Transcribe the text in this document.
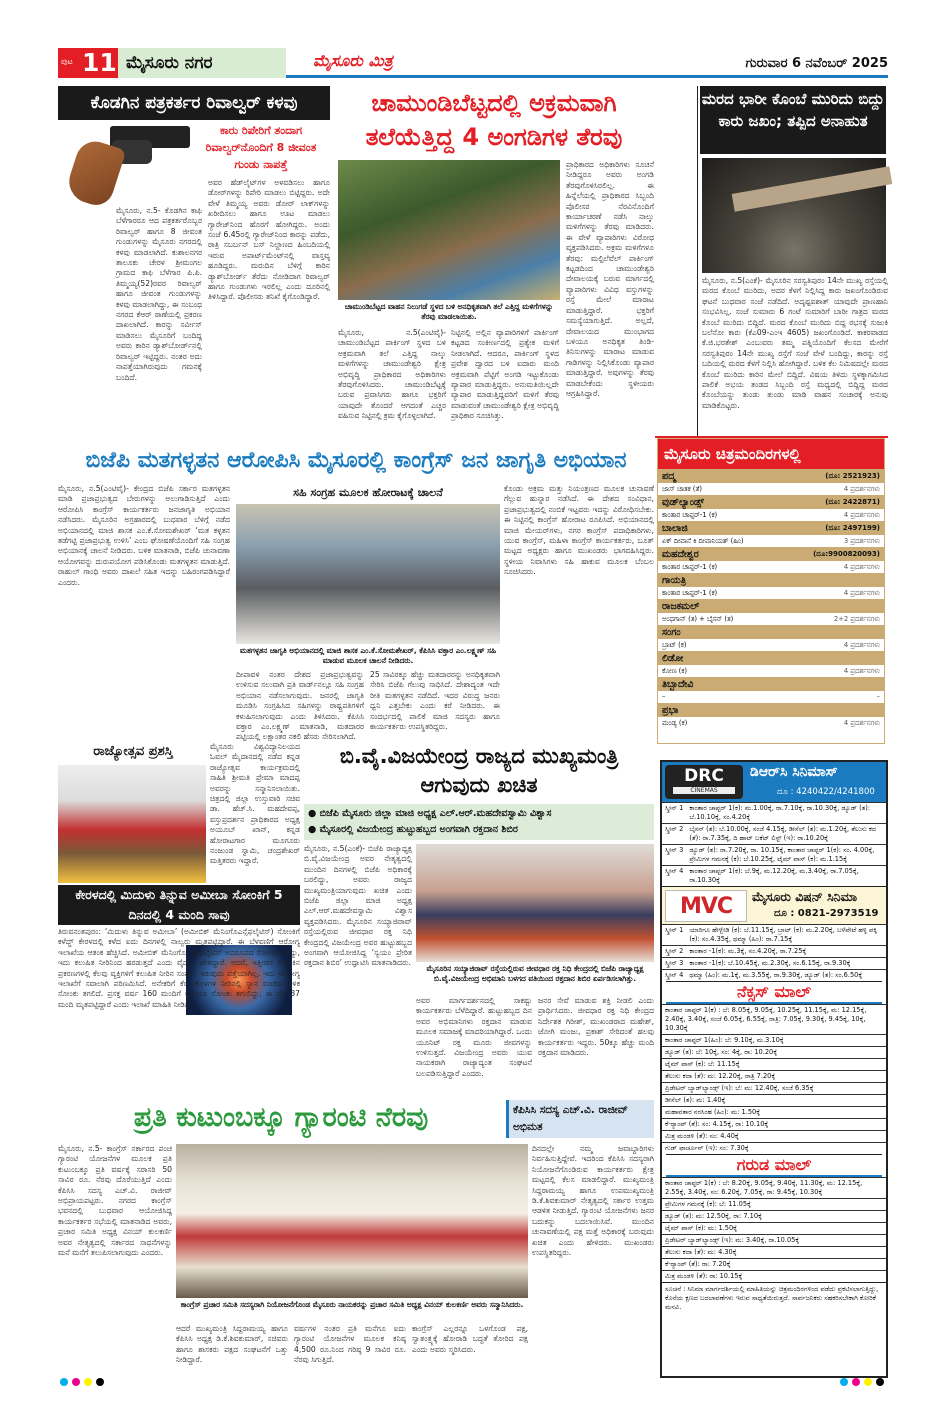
ಪುಟ 11 ಮೈಸೂರು ನಗರ	ಮೈಸೂರು ಮಿತ್ರ	ಗುರುವಾರ 6 ನವೆಂಬರ್ 2025
ಕೊಡಗಿನ ಪತ್ರಕರ್ತರ ರಿವಾಲ್ವರ್ ಕಳವು
ಕಾರು ರಿಪೇರಿಗೆ ತಂದಾಗ ರಿವಾಲ್ವರ್‌ನೊಂದಿಗೆ 8 ಜೀವಂತ ಗುಂಡು ನಾಪತ್ತೆ
ಮೈಸೂರು, ನ.5- ಕೊಡಗಿನ ಕಾಫಿ ಬೆಳೆಗಾರರೂ ಆದ ಪತ್ರಕರ್ತರೊಬ್ಬರ ರಿವಾಲ್ವರ್ ಹಾಗೂ 8 ಜೀವಂತ ಗುಂಡುಗಳನ್ನು ಮೈಸೂರು ನಗರದಲ್ಲಿ ಕಳವು ಮಾಡಲಾಗಿದೆ. ಕುಶಾಲನಗರ ತಾಲೂಕು ಚೇರಳ ಶ್ರೀಮಂಗಲ ಗ್ರಾಮದ ಕಾಫಿ ಬೆಳೆಗಾರ ಪಿ.ಪಿ. ತಿಮ್ಮಯ್ಯ(52)ರವರ ರಿವಾಲ್ವರ್ ಹಾಗೂ ಜೀವಂತ ಗುಂಡುಗಳನ್ನು ಕಳವು ಮಾಡಲಾಗಿದ್ದು, ಈ ಸಂಬಂಧ ನಗರದ ಕೆಆರ್ ಠಾಣೆಯಲ್ಲಿ ಪ್ರಕರಣ ದಾಖಲಾಗಿದೆ. ಕಾರನ್ನು ಸರ್ವೀಸ್ ಮಾಡಿಸಲು ಮೈಸೂರಿಗೆ ಬಂದಿದ್ದ ಅವರು ಕಾರಿನ ಡ್ಯಾಶ್‌ಬೋರ್ಡ್‌ನಲ್ಲಿ ರಿವಾಲ್ವರ್ ಇಟ್ಟಿದ್ದರು. ನಂತರ ಅದು ನಾಪತ್ತೆಯಾಗಿರುವುದು ಗಮನಕ್ಕೆ ಬಂದಿದೆ.
ಅವರ ಹೆಡ್‌ಲೈಟ್‌ಗಳ ಅಳವಡಿಸಲು ಹಾಗೂ ಡೋರ್‌ಗಳನ್ನು ರಿಪೇರಿ ಮಾಡಲು ಬಿಟ್ಟಿದ್ದರು. ಅದೇ ವೇಳೆ ತಿಮ್ಮಯ್ಯ ಅವರು ಡೋರ್ ಲಾಕ್‌ಗಳನ್ನು ಖರೀದಿಸಲು ಹಾಗೂ ಊಟ ಮಾಡಲು ಗ್ಯಾರೇಜ್‌ನಿಂದ ಹೊರಗೆ ಹೋಗಿದ್ದರು. ಅಂದು ಸಂಜೆ 6.45ರಲ್ಲಿ ಗ್ಯಾರೇಜ್‌ನಿಂದ ಕಾರನ್ನು ಪಡೆದು, ರಾತ್ರಿ ಸಬರ್ಬನ್ ಬಸ್ ನಿಲ್ದಾಣದ ಹಿಂಬದಿಯಲ್ಲಿ ಇರುವ ಅಪಾರ್ಟ್‌ಮೆಂಟ್‌ನಲ್ಲಿ ವಾಸ್ತವ್ಯ ಹೂಡಿದ್ದರು. ಮರುದಿನ ಬೆಳಿಗ್ಗೆ ಕಾರಿನ ಡ್ಯಾಶ್‌ಬೋರ್ಡ್ ತೆರೆದು ನೋಡಿದಾಗ ರಿವಾಲ್ವರ್ ಹಾಗೂ ಗುಂಡುಗಳು ಇರಲಿಲ್ಲ ಎಂದು ದೂರಿನಲ್ಲಿ ತಿಳಿಸಿದ್ದಾರೆ. ಪೊಲೀಸರು ತನಿಖೆ ಕೈಗೊಂಡಿದ್ದಾರೆ.
ಚಾಮುಂಡಿಬೆಟ್ಟದಲ್ಲಿ ಅಕ್ರಮವಾಗಿ ತಲೆಯೆತ್ತಿದ್ದ 4 ಅಂಗಡಿಗಳ ತೆರವು
ಚಾಮುಂಡಿಬೆಟ್ಟದ ವಾಹನ ನಿಲುಗಡೆ ಸ್ಥಳದ ಬಳಿ ಅನಧಿಕೃತವಾಗಿ ತಲೆ ಎತ್ತಿದ್ದ ಮಳಿಗೆಗಳನ್ನು ತೆರವು ಮಾಡಲಾಯಿತು.
ಮೈಸೂರು, ನ.5(ಎಂಟಿವೈ)- ಚಾಮುಂಡಿಬೆಟ್ಟದ ಪಾರ್ಕಿಂಗ್ ಸ್ಥಳದ ಬಳಿ ಅಕ್ರಮವಾಗಿ ತಲೆ ಎತ್ತಿದ್ದ ನಾಲ್ಕು ಮಳಿಗೆಗಳನ್ನು ಚಾಮುಂಡೇಶ್ವರಿ ಕ್ಷೇತ್ರ ಅಭಿವೃದ್ಧಿ ಪ್ರಾಧಿಕಾರದ ಅಧಿಕಾರಿಗಳು ತೆರವುಗೊಳಿಸಿದರು. ಚಾಮುಂಡಿಬೆಟ್ಟಕ್ಕೆ ಬರುವ ಪ್ರವಾಸಿಗರು ಹಾಗೂ ಭಕ್ತರಿಗೆ ಯಾವುದೇ ತೊಂದರೆ ಆಗದಂತೆ ಎಚ್ಚರ ವಹಿಸುವ ನಿಟ್ಟಿನಲ್ಲಿ ಕ್ರಮ ಕೈಗೊಳ್ಳಲಾಗಿದೆ.
ನಿಟ್ಟಿನಲ್ಲಿ ಅಲ್ಲಿನ ವ್ಯಾಪಾರಿಗಳಿಗೆ ಪಾರ್ಕಿಂಗ್ ಕಟ್ಟಡದ ಸಂಕೀರ್ಣದಲ್ಲಿ ಪ್ರತ್ಯೇಕ ಮಳಿಗೆ ನೀಡಲಾಗಿದೆ. ಆದರೂ, ಪಾರ್ಕಿಂಗ್ ಸ್ಥಳದ ಪ್ರವೇಶ ದ್ವಾರದ ಬಳಿ ಐದಾರು ಮಂದಿ ಅಕ್ರಮವಾಗಿ ಪೆಟ್ಟಿಗೆ ಅಂಗಡಿ ಇಟ್ಟುಕೊಂಡು ವ್ಯಾಪಾರ ಮಾಡುತ್ತಿದ್ದರು. ಅನುಮತಿಯಿಲ್ಲದೇ ವ್ಯಾಪಾರ ಮಾಡುತ್ತಿದ್ದವರಿಗೆ ಮಳಿಗೆ ತೆರವು ಮಾಡುವಂತೆ ಚಾಮುಂಡೇಶ್ವರಿ ಕ್ಷೇತ್ರ ಅಭಿವೃದ್ಧಿ ಪ್ರಾಧಿಕಾರ ಸೂಚಿಸಿತ್ತು.
ಪ್ರಾಧಿಕಾರದ ಅಧಿಕಾರಿಗಳು ಸೂಚನೆ ನೀಡಿದ್ದರೂ ಅವರು ಅಂಗಡಿ ತೆರವುಗೊಳಿಸಿರಲಿಲ್ಲ. ಈ ಹಿನ್ನೆಲೆಯಲ್ಲಿ ಪ್ರಾಧಿಕಾರದ ಸಿಬ್ಬಂದಿ ಪೊಲೀಸರ ನೆರವಿನೊಂದಿಗೆ ಕಾರ್ಯಾಚರಣೆ ನಡೆಸಿ ನಾಲ್ಕು ಮಳಿಗೆಗಳನ್ನು ತೆರವು ಮಾಡಿದರು. ಈ ವೇಳೆ ವ್ಯಾಪಾರಿಗಳು ವಿರೋಧ ವ್ಯಕ್ತಪಡಿಸಿದರು. ಅಕ್ರಮ ಮಳಿಗೆಗಳೂ ತೆರವು: ಮಲ್ಟಿಲೆವೆಲ್ ಪಾರ್ಕಿಂಗ್ ಕಟ್ಟಡದಿಂದ ಚಾಮುಂಡೇಶ್ವರಿ ದೇವಾಲಯಕ್ಕೆ ಬರುವ ಮಾರ್ಗದಲ್ಲಿ ವ್ಯಾಪಾರಿಗಳು ವಿವಿಧ ವಸ್ತುಗಳನ್ನು ರಸ್ತೆ ಮೇಲೆ ಮಾರಾಟ ಮಾಡುತ್ತಿದ್ದಾರೆ. ಭಕ್ತರಿಗೆ ಸಮಸ್ಯೆಯಾಗುತ್ತಿದೆ. ಅಲ್ಲದೆ, ದೇವಾಲಯದ ಮುಂಭಾಗದ ಬಳಿಯೂ ಅನಧಿಕೃತ ತಿಂಡಿ-ತಿನಿಸುಗಳನ್ನು ಮಾರಾಟ ಮಾಡುವ ಗಾಡಿಗಳನ್ನು ನಿಲ್ಲಿಸಿಕೊಂಡು ವ್ಯಾಪಾರ ಮಾಡುತ್ತಿದ್ದಾರೆ. ಅವುಗಳನ್ನು ತೆರವು ಮಾಡಬೇಕೆಂದು ಸ್ಥಳೀಯರು ಆಗ್ರಹಿಸಿದ್ದಾರೆ.
ಮರದ ಭಾರೀ ಕೊಂಬೆ ಮುರಿದು ಬಿದ್ದು ಕಾರು ಜಖಂ; ತಪ್ಪಿದ ಅನಾಹುತ
ಮೈಸೂರು, ನ.5(ಎಂಕೆ)- ಮೈಸೂರಿನ ಸರಸ್ವತಿಪುರಂ 14ನೇ ಮುಖ್ಯ ರಸ್ತೆಯಲ್ಲಿ ಮರದ ಕೊಂಬೆ ಮುರಿದು, ಅದರ ಕೆಳಗೆ ನಿಲ್ಲಿಸಿದ್ದ ಕಾರು ಜಖಂಗೊಂಡಿರುವ ಘಟನೆ ಬುಧವಾರ ಸಂಜೆ ನಡೆದಿದೆ. ಅದೃಷ್ಟವಶಾತ್ ಯಾವುದೇ ಪ್ರಾಣಹಾನಿ ಸಂಭವಿಸಿಲ್ಲ. ಸಂಜೆ ಸುಮಾರು 6 ಗಂಟೆ ಸುಮಾರಿಗೆ ಬಾರೀ ಗಾತ್ರದ ಮರದ ಕೊಂಬೆ ಮುರಿದು ಬಿದ್ದಿದೆ. ಮರದ ಕೊಂಬೆ ಮುರಿದು ಬಿದ್ದ ರಭಸಕ್ಕೆ ಸುಜುಕಿ ಬಲೆನೋ ಕಾರು (ಕೆಎ09-ಎಂಇ 4605) ಜಖಂಗೊಂಡಿದೆ. ಕಾಕರವಾಡದ ಕೆ.ಜಿ.ಭರತೇಶ್ ಎಂಬುವರು ತಮ್ಮ ಪತ್ನಿಯೊಂದಿಗೆ ಕೆಲಸದ ಮೇರೆಗೆ ಸರಸ್ವತಿಪುರಂ 14ನೇ ಮುಖ್ಯ ರಸ್ತೆಗೆ ಸಂಜೆ ವೇಳೆ ಬಂದಿದ್ದು, ಕಾರನ್ನು ರಸ್ತೆ ಬದಿಯಲ್ಲಿ ಮರದ ಕೆಳಗೆ ನಿಲ್ಲಿಸಿ ಹೋಗಿದ್ದಾರೆ. ಬಳಿಕ ಕೆಲ ನಿಮಿಷದಲ್ಲೇ ಮರದ ಕೊಂಬೆ ಮುರಿದು ಕಾರಿನ ಮೇಲೆ ಬಿದ್ದಿದೆ. ವಿಷಯ ತಿಳಿದು ಸ್ಥಳಕ್ಕಾಗಮಿಸಿದ ಪಾಲಿಕೆ ಅಭಯ ತಂಡದ ಸಿಬ್ಬಂದಿ ರಸ್ತೆ ಮಧ್ಯದಲ್ಲಿ ಬಿದ್ದಿದ್ದ ಮರದ ಕೊಂಬೆಯನ್ನು ತುಂಡು ತುಂಡು ಮಾಡಿ ವಾಹನ ಸಂಚಾರಕ್ಕೆ ಅನುವು ಮಾಡಿಕೊಟ್ಟರು.
ಬಿಜೆಪಿ ಮತಗಳ್ಳತನ ಆರೋಪಿಸಿ ಮೈಸೂರಲ್ಲಿ ಕಾಂಗ್ರೆಸ್ ಜನ ಜಾಗೃತಿ ಅಭಿಯಾನ
ಮೈಸೂರು, ನ.5(ಎಂಟಿವೈ)- ಕೇಂದ್ರದ ಬಿಜೆಪಿ ಸರ್ಕಾರ ಮತಗಳ್ಳತನ ಮಾಡಿ ಪ್ರಜಾಪ್ರಭುತ್ವದ ಬೇರುಗಳನ್ನು ಅಲುಗಾಡಿಸುತ್ತಿದೆ ಎಂದು ಆರೋಪಿಸಿ ಕಾಂಗ್ರೆಸ್ ಕಾರ್ಯಕರ್ತರು ಜನಜಾಗೃತಿ ಅಭಿಯಾನ ನಡೆಸಿದರು. ಮೈಸೂರಿನ ಅಗ್ರಹಾರದಲ್ಲಿ ಬುಧವಾರ ಬೆಳಿಗ್ಗೆ ನಡೆದ ಅಭಿಯಾನದಲ್ಲಿ ಮಾಜಿ ಶಾಸಕ ಎಂ.ಕೆ.ಸೋಮಶೇಖರ್ ‘ಮತ ಕಳ್ಳತನ ತಡೆಗಟ್ಟಿ ಪ್ರಜಾಪ್ರಭುತ್ವ ಉಳಿಸಿ’ ಎಂಬ ಘೋಷಣೆಯೊಂದಿಗೆ ಸಹಿ ಸಂಗ್ರಹ ಅಭಿಯಾನಕ್ಕೆ ಚಾಲನೆ ನೀಡಿದರು. ಬಳಿಕ ಮಾತನಾಡಿ, ಬಿಜೆಪಿ ಚುನಾವಣಾ ಆಯೋಗವನ್ನು ದುರುಪಯೋಗ ಪಡಿಸಿಕೊಂಡು ಮತಗಳ್ಳತನ ಮಾಡುತ್ತಿದೆ. ರಾಹುಲ್ ಗಾಂಧಿ ಅವರು ದಾಖಲೆ ಸಹಿತ ಇದನ್ನು ಬಹಿರಂಗಪಡಿಸಿದ್ದಾರೆ ಎಂದರು.
ಸಹಿ ಸಂಗ್ರಹ ಮೂಲಕ ಹೋರಾಟಕ್ಕೆ ಚಾಲನೆ
ಮತಗಳ್ಳತನ ಜಾಗೃತಿ ಅಭಿಯಾನದಲ್ಲಿ ಮಾಜಿ ಶಾಸಕ ಎಂ.ಕೆ.ಸೋಮಶೇಖರ್, ಕೆಪಿಸಿಸಿ ವಕ್ತಾರ ಎಂ.ಲಕ್ಷ್ಮಣ್ ಸಹಿ ಮಾಡುವ ಮೂಲಕ ಚಾಲನೆ ನೀಡಿದರು.
ದೀಪಾವಳಿ ನಂತರ ದೇಶದ ಪ್ರಜಾಪ್ರಭುತ್ವವನ್ನು ಉಳಿಸುವ ಸಲುವಾಗಿ ಪ್ರತಿ ವಾರ್ಡ್‌ನಲ್ಲೂ ಸಹಿ ಸಂಗ್ರಹ ಅಭಿಯಾನ ನಡೆಸಲಾಗುವುದು. ಜನರಲ್ಲಿ ಜಾಗೃತಿ ಮೂಡಿಸಿ ಸಂಗ್ರಹಿಸಿದ ಸಹಿಗಳನ್ನು ರಾಷ್ಟ್ರಪತಿಗಳಿಗೆ ಕಳುಹಿಸಲಾಗುವುದು ಎಂದು ತಿಳಿಸಿದರು. ಕೆಪಿಸಿಸಿ ವಕ್ತಾರ ಎಂ.ಲಕ್ಷ್ಮಣ್ ಮಾತನಾಡಿ, ಮತದಾರರ ಪಟ್ಟಿಯಲ್ಲಿ ಲಕ್ಷಾಂತರ ನಕಲಿ ಹೆಸರು ಸೇರಿಸಲಾಗಿದೆ.
25 ಸಾವಿರಕ್ಕೂ ಹೆಚ್ಚು ಮತದಾರರನ್ನು ಅನಧಿಕೃತವಾಗಿ ಸೇರಿಸಿ ಬಿಜೆಪಿ ಗೆಲುವು ಸಾಧಿಸಿದೆ. ದೇಶಾದ್ಯಂತ ಇದೇ ರೀತಿ ಮತಗಳ್ಳತನ ನಡೆದಿದೆ. ಇದರ ವಿರುದ್ಧ ಜನರು ಧ್ವನಿ ಎತ್ತಬೇಕು ಎಂದು ಕರೆ ನೀಡಿದರು. ಈ ಸಂದರ್ಭದಲ್ಲಿ ಪಾಲಿಕೆ ಮಾಜಿ ಸದಸ್ಯರು ಹಾಗೂ ಕಾರ್ಯಕರ್ತರು ಉಪಸ್ಥಿತರಿದ್ದರು.
ಕೊಂಡು ಅಕ್ರಮ ಮತ್ತು ನಿಯಂತ್ರಣದ ಮೂಲಕ ಚುನಾವಣೆ ಗೆಲ್ಲುವ ಹುನ್ನಾರ ನಡೆಸಿದೆ. ಈ ದೇಶದ ಸಂವಿಧಾನ, ಪ್ರಜಾಪ್ರಭುತ್ವದಲ್ಲಿ ನಂಬಿಕೆ ಇಟ್ಟವರು ಇದನ್ನು ವಿರೋಧಿಸಬೇಕು. ಈ ನಿಟ್ಟಿನಲ್ಲಿ ಕಾಂಗ್ರೆಸ್ ಹೋರಾಟ ರೂಪಿಸಿದೆ. ಅಭಿಯಾನದಲ್ಲಿ ಮಾಜಿ ಮೇಯರ್‌ಗಳು, ನಗರ ಕಾಂಗ್ರೆಸ್ ಪದಾಧಿಕಾರಿಗಳು, ಯುವ ಕಾಂಗ್ರೆಸ್, ಮಹಿಳಾ ಕಾಂಗ್ರೆಸ್ ಕಾರ್ಯಕರ್ತರು, ಬೂತ್ ಮಟ್ಟದ ಅಧ್ಯಕ್ಷರು ಹಾಗೂ ಮುಖಂಡರು ಭಾಗವಹಿಸಿದ್ದರು. ಸ್ಥಳೀಯ ನಿವಾಸಿಗಳು ಸಹಿ ಹಾಕುವ ಮೂಲಕ ಬೆಂಬಲ ಸೂಚಿಸಿದರು.
ಮೈಸೂರು ಚಿತ್ರಮಂದಿರಗಳಲ್ಲಿ
ಪದ್ಮ	(ದೂ: 2521923)
ಜಾಸ್ ಚಾತಕ (ತೆ)	4 ಪ್ರದರ್ಶನಗಳು
ವುಡ್‌ಲ್ಯಾಂಡ್ಸ್	(ದೂ: 2422871)
ಕಾಂತಾರ ಚಾಪ್ಟರ್-1 (ಕ)	4 ಪ್ರದರ್ಶನಗಳು
ಬಾಲಾಜಿ	(ದೂ: 2497199)
ಏಕ್ ದೀವಾನೆ ಕಿ ದೀವಾನಿಯತ್ (ಹಿಂ)	3 ಪ್ರದರ್ಶನಗಳು
ಮಹದೇಶ್ವರ	(ದೂ:9900820093)
ಕಾಂತಾರ ಚಾಪ್ಟರ್-1 (ಕ)	4 ಪ್ರದರ್ಶನಗಳು
ಗಾಯತ್ರಿ	
ಕಾಂತಾರ ಚಾಪ್ಟರ್-1 (ಕ)	4 ಪ್ರದರ್ಶನಗಳು
ರಾಜಕಮಲ್	
ಅಂಧಗಾನ್ (ತ) + ಬೈಸನ್ (ತ)	2+2 ಪ್ರದರ್ಶನಗಳು
ಸಂಗಂ	
ಬ್ರಾಟ್ (ಕ)	4 ಪ್ರದರ್ಶನಗಳು
ಲಿಡೋ	
ಕೋಣ (ಕ)	4 ಪ್ರದರ್ಶನಗಳು
ತಿಬ್ಬಾದೇವಿ	
–	–
ಪ್ರಭಾ	
ಮಂಡ್ಯ (ಕ)	4 ಪ್ರದರ್ಶನಗಳು
ರಾಜ್ಯೋತ್ಸವ ಪ್ರಶಸ್ತಿ	ಮೈಸೂರು ವಿಶ್ವವಿದ್ಯಾನಿಲಯದ ಓವಲ್ ಮೈದಾನದಲ್ಲಿ ನಡೆದ ಕನ್ನಡ ರಾಜ್ಯೋತ್ಸವ ಕಾರ್ಯಕ್ರಮದಲ್ಲಿ ಸಾಹಿತಿ ಶ್ರೀಮತಿ ಪ್ರೇಮಾ ಮಾದಪ್ಪ ಅವರನ್ನು ಸನ್ಮಾನಿಸಲಾಯಿತು. ಚಿತ್ರದಲ್ಲಿ ಜಿಲ್ಲಾ ಉಸ್ತುವಾರಿ ಸಚಿವ ಡಾ. ಹೆಚ್.ಸಿ. ಮಹದೇವಪ್ಪ, ವಸ್ತುಪ್ರದರ್ಶನ ಪ್ರಾಧಿಕಾರದ ಅಧ್ಯಕ್ಷ ಅಯೂಬ್ ಖಾನ್, ಕನ್ನಡ ಹೋರಾಟಗಾರ ಮೂಗೂರು ನಂಜುಂಡ ಸ್ವಾಮಿ, ಚಂದ್ರಶೇಖರ್ ಮತ್ತಿತರರು ಇದ್ದಾರೆ.
ಕೇರಳದಲ್ಲಿ ಮಿದುಳು ತಿನ್ನುವ ಅಮೀಬಾ ಸೋಂಕಿಗೆ 5 ದಿನದಲ್ಲಿ 4 ಮಂದಿ ಸಾವು
ತಿರುವನಂತಪುರಂ: ‘ಮಿದುಳು ತಿನ್ನುವ ಅಮೀಬಾ’ (ಅಮೀಬಿಕ್ ಮೆನಿಂಗೊಎನ್ಸೆಫಲೈಟಿಸ್) ಸೋಂಕಿಗೆ ಕಳೆದ್ಜ್ ಕೇರಳದಲ್ಲಿ ಕಳೆದ ಐದು ದಿನಗಳಲ್ಲಿ ನಾಲ್ವರು ಮೃತಪಟ್ಟಿದ್ದಾರೆ. ಈ ಬೆಳವಣಿಗೆ ಆರೋಗ್ಯ ಇಲಾಖೆಯ ಆತಂಕ ಹೆಚ್ಚಿಸಿದೆ. ಅಮೀಬಿಕ್ ಮೆನಿಂಗೊ ಎನ್ಸೆಫಲೈಟಿಸ್ ಅಪರೂಪದ ಸೋಂಕು ಆಗಿದ್ದು, ಇದು ಕಲುಷಿತ ನೀರಿನಿಂದ ಹರಡುತ್ತದೆ ಎಂದು ವೈದ್ಯರು ಹೇಳಿದ್ದಾರೆ. ಆದರೆ, ಇತ್ತೀಚಿನ ಸೋಂಕಿನ ಪ್ರಕರಣಗಳಲ್ಲಿ ಕೆಲವು ವ್ಯಕ್ತಿಗಳಿಗೆ ಕಲುಷಿತ ನೀರಿನ ಸಂಪರ್ಕ ಇರುವುದು ಪತ್ತೆಯಾಗಿಲ್ಲ. ಇದು ಆರೋಗ್ಯ ಇಲಾಖೆಗೆ ಸವಾಲಾಗಿ ಪರಿಣಮಿಸಿದೆ. ಅನೇಕರಿಗೆ ಕೆರೆ, ಕೊಳಗಳ ನೀರಿನಲ್ಲಿ ಸ್ನಾನ ಮಾಡಿದ ಬಳಿಕ ಸೋಂಕು ತಗಲಿದೆ. ಪ್ರಸಕ್ತ ವರ್ಷ 160 ಮಂದಿಗೆ ಅಮೀಬಾ ಸೋಂಕು ತಗುಲಿದ್ದು, ಈ ಪೈಕಿ 37 ಮಂದಿ ಮೃತಪಟ್ಟಿದ್ದಾರೆ ಎಂದು ಇಲಾಖೆ ಮಾಹಿತಿ ನೀಡಿದೆ.
ಬಿ.ವೈ.ವಿಜಯೇಂದ್ರ ರಾಜ್ಯದ ಮುಖ್ಯಮಂತ್ರಿ ಆಗುವುದು ಖಚಿತ
● ಬಿಜೆಪಿ ಮೈಸೂರು ಜಿಲ್ಲಾ ಮಾಜಿ ಅಧ್ಯಕ್ಷ ಎಲ್.ಆರ್.ಮಹದೇವಸ್ವಾಮಿ ವಿಶ್ವಾಸ
● ಮೈಸೂರಲ್ಲಿ ವಿಜಯೇಂದ್ರ ಹುಟ್ಟುಹಬ್ಬದ ಅಂಗವಾಗಿ ರಕ್ತದಾನ ಶಿಬಿರ
ಮೈಸೂರು, ನ.5(ಎಂಕೆ)- ಬಿಜೆಪಿ ರಾಜ್ಯಾಧ್ಯಕ್ಷ ಬಿ.ವೈ.ವಿಜಯೇಂದ್ರ ಅವರ ನೇತೃತ್ವದಲ್ಲಿ ಮುಂದಿನ ದಿನಗಳಲ್ಲಿ ಬಿಜೆಪಿ ಅಧಿಕಾರಕ್ಕೆ ಬರಲಿದ್ದು, ಅವರು ರಾಜ್ಯದ ಮುಖ್ಯಮಂತ್ರಿಯಾಗುವುದು ಖಚಿತ ಎಂದು ಬಿಜೆಪಿ ಜಿಲ್ಲಾ ಮಾಜಿ ಅಧ್ಯಕ್ಷ ಎಲ್.ಆರ್.ಮಹದೇವಸ್ವಾಮಿ ವಿಶ್ವಾಸ ವ್ಯಕ್ತಪಡಿಸಿದರು. ಮೈಸೂರಿನ ಸಯ್ಯಾಜಿರಾವ್ ರಸ್ತೆಯಲ್ಲಿರುವ ಜೀವಧಾರ ರಕ್ತ ನಿಧಿ ಕೇಂದ್ರದಲ್ಲಿ ವಿಜಯೇಂದ್ರ ಅವರ ಹುಟ್ಟುಹಬ್ಬದ ಅಂಗವಾಗಿ ಆಯೋಜಿಸಿದ್ದ ‘ಸ್ವಯಂ ಪ್ರೇರಿತ ರಕ್ತದಾನ ಶಿಬಿರ’ ಉದ್ಘಾಟಿಸಿ ಮಾತನಾಡಿದರು.
ಮೈಸೂರಿನ ಸಯ್ಯಾಜಿರಾವ್ ರಸ್ತೆಯಲ್ಲಿರುವ ಜೀವಧಾರ ರಕ್ತ ನಿಧಿ ಕೇಂದ್ರದಲ್ಲಿ ಬಿಜೆಪಿ ರಾಜ್ಯಾಧ್ಯಕ್ಷ ಬಿ.ವೈ.ವಿಜಯೇಂದ್ರ ಅಭಿಮಾನಿ ಬಳಗದ ವತಿಯಿಂದ ರಕ್ತದಾನ ಶಿಬಿರ ಏರ್ಪಡಿಸಲಾಗಿತ್ತು.
ಅವರ ಮಾರ್ಗದರ್ಶನದಲ್ಲಿ ಸಾಕಷ್ಟು ಕಾರ್ಯಕರ್ತರು ಬೆಳೆದಿದ್ದಾರೆ. ಹುಟ್ಟುಹಬ್ಬದ ದಿನ ಅವರ ಅಭಿಮಾನಿಗಳು ರಕ್ತದಾನ ಮಾಡುವ ಮೂಲಕ ಸಮಾಜಕ್ಕೆ ಮಾದರಿಯಾಗಿದ್ದಾರೆ. ಒಂದು ಯೂನಿಟ್ ರಕ್ತ ಮೂರು ಜೀವಗಳನ್ನು ಉಳಿಸುತ್ತದೆ. ವಿಜಯೇಂದ್ರ ಅವರು ಯುವ ನಾಯಕರಾಗಿ ರಾಜ್ಯಾದ್ಯಂತ ಸಂಘಟನೆ ಬಲಪಡಿಸುತ್ತಿದ್ದಾರೆ ಎಂದರು.
ಜನರ ಸೇವೆ ಮಾಡುವ ಶಕ್ತಿ ನೀಡಲಿ ಎಂದು ಪ್ರಾರ್ಥಿಸಿದರು. ಜೀವಧಾರ ರಕ್ತ ನಿಧಿ ಕೇಂದ್ರದ ನಿರ್ದೇಶಕ ಗಿರೀಶ್, ಮುಖಂಡರಾದ ಮಹೇಶ್, ಜೋಗಿ ಮಂಜು, ಪ್ರಕಾಶ್ ಸೇರಿದಂತೆ ಹಲವು ಕಾರ್ಯಕರ್ತರು ಇದ್ದರು. 50ಕ್ಕೂ ಹೆಚ್ಚು ಮಂದಿ ರಕ್ತದಾನ ಮಾಡಿದರು.
ಪ್ರತಿ ಕುಟುಂಬಕ್ಕೂ ಗ್ಯಾರಂಟಿ ನೆರವು	ಕೆಪಿಸಿಸಿ ಸದಸ್ಯ ಎಚ್.ವಿ. ರಾಜೀವ್ ಅಭಿಮತ
ಮೈಸೂರು, ನ.5- ಕಾಂಗ್ರೆಸ್ ಸರ್ಕಾರದ ಪಂಚ ಗ್ಯಾರಂಟಿ ಯೋಜನೆಗಳ ಮೂಲಕ ಪ್ರತಿ ಕುಟುಂಬಕ್ಕೂ ಪ್ರತಿ ವರ್ಷಕ್ಕೆ ಸರಾಸರಿ 50 ಸಾವಿರ ರೂ. ನೆರವು ದೊರೆಯುತ್ತಿದೆ ಎಂದು ಕೆಪಿಸಿಸಿ ಸದಸ್ಯ ಎಚ್.ವಿ. ರಾಜೀವ್ ಅಭಿಪ್ರಾಯಪಟ್ಟರು. ನಗರದ ಕಾಂಗ್ರೆಸ್ ಭವನದಲ್ಲಿ ಬುಧವಾರ ಆಯೋಜಿಸಿದ್ದ ಕಾರ್ಯಕರ್ತರ ಸಭೆಯಲ್ಲಿ ಮಾತನಾಡಿದ ಅವರು, ಪ್ರಚಾರ ಸಮಿತಿ ಅಧ್ಯಕ್ಷ ವಿನಯ್ ಕುಲಕರ್ಣಿ ಅವರ ನೇತೃತ್ವದಲ್ಲಿ ಸರ್ಕಾರದ ಸಾಧನೆಗಳನ್ನು ಮನೆ ಮನೆಗೆ ತಲುಪಿಸಲಾಗುವುದು ಎಂದರು.
ಕಾಂಗ್ರೆಸ್ ಪ್ರಚಾರ ಸಮಿತಿ ಸದಸ್ಯರಾಗಿ ನಿಯೋಜನೆಗೊಂಡ ಮೈಸೂರು ನಾಯಕರನ್ನು ಪ್ರಚಾರ ಸಮಿತಿ ಅಧ್ಯಕ್ಷ ವಿನಯ್ ಕುಲಕರ್ಣಿ ಅವರು ಸನ್ಮಾನಿಸಿದರು.
ಆದರೆ ಮುಖ್ಯಮಂತ್ರಿ ಸಿದ್ದರಾಮಯ್ಯ ಹಾಗೂ ಕೆಪಿಸಿಸಿ ಅಧ್ಯಕ್ಷ ಡಿ.ಕೆ.ಶಿವಕುಮಾರ್, ಸಚಿವರು ಹಾಗೂ ಶಾಸಕರು ಪಕ್ಷದ ಸಂಘಟನೆಗೆ ಒತ್ತು ನೀಡಿದ್ದಾರೆ.
ವರ್ಷಗಳ ನಂತರ ಪ್ರತಿ ಮನೆಗೂ ಐದು ಗ್ಯಾರಂಟಿ ಯೋಜನೆಗಳ ಮೂಲಕ ಕನಿಷ್ಠ 4,500 ರೂ.ನಿಂದ ಗರಿಷ್ಠ 9 ಸಾವಿರ ರೂ. ನೆರವು ಸಿಗುತ್ತಿದೆ.
ಕಾಂಗ್ರೆಸ್ ಎಲ್ಲರನ್ನೂ ಒಳಗೊಂಡ ಪಕ್ಷ, ಸ್ವಾತಂತ್ರ್ಯಕ್ಕೆ ಹೋರಾಡಿ ಬದ್ಧತೆ ತೋರಿದ ಪಕ್ಷ ಎಂದು ಅವರು ಸ್ಮರಿಸಿದರು.
ದಿನದಲ್ಲೇ ನಮ್ಮ ಜವಾಬ್ದಾರಿಗಳು ನಿರ್ವಹಿಸುತ್ತಿದ್ದೇವೆ. ಇದರಿಂದ ಕೆಪಿಸಿಸಿ ಸದಸ್ಯರಾಗಿ ನಿಯೋಜನೆಗೊಂಡಿರುವ ಕಾರ್ಯಕರ್ತರು ಕ್ಷೇತ್ರ ಮಟ್ಟದಲ್ಲಿ ಕೆಲಸ ಮಾಡಲಿದ್ದಾರೆ. ಮುಖ್ಯಮಂತ್ರಿ ಸಿದ್ದರಾಮಯ್ಯ ಹಾಗೂ ಉಪಮುಖ್ಯಮಂತ್ರಿ ಡಿ.ಕೆ.ಶಿವಕುಮಾರ್ ನೇತೃತ್ವದಲ್ಲಿ ಸರ್ಕಾರ ಉತ್ತಮ ಆಡಳಿತ ನೀಡುತ್ತಿದೆ. ಗ್ಯಾರಂಟಿ ಯೋಜನೆಗಳು ಜನರ ಬದುಕನ್ನು ಬದಲಾಯಿಸಿವೆ. ಮುಂದಿನ ಚುನಾವಣೆಯಲ್ಲಿ ಪಕ್ಷ ಮತ್ತೆ ಅಧಿಕಾರಕ್ಕೆ ಬರುವುದು ಖಚಿತ ಎಂದು ಹೇಳಿದರು. ಮುಖಂಡರು ಉಪಸ್ಥಿತರಿದ್ದರು.
DRC
CINEMAS
ಡಿಆರ್‌ಸಿ ಸಿನಿಮಾಸ್
ದೂ : 4240422/4241800
ಸ್ಕ್ರೀನ್ 1	ಕಾಂತಾರ ಚಾಪ್ಟರ್ 1(ಕ): ಮ.1.00ಕ್ಕೆ, ರಾ.7.10ಕ್ಕೆ, ರಾ.10.30ಕ್ಕೆ, ಡ್ಯೂಡ್ (ತ): ಬೆ.10.10ಕ್ಕೆ, ಸಂ.4.20ಕ್ಕೆ
ಸ್ಕ್ರೀನ್ 2	ಬೈಸನ್ (ತ): ಬೆ.10.00ಕ್ಕೆ, ಸಂಜೆ 4.15ಕ್ಕೆ, ಡೀಸೆಲ್ (ತ): ಮ.1.20ಕ್ಕೆ, ತೆಲುಸು ಕದ (ತೆ): ರಾ.7.35ಕ್ಕೆ, ದಿ ಹಾಟ್ ಬಕೆಟ್ ಲಿಸ್ಟ್ (ಇ): ರಾ.10.20ಕ್ಕೆ
ಸ್ಕ್ರೀನ್ 3	ಡ್ಯೂಡ್ (ತ): ರಾ.7.20ಕ್ಕೆ, ರಾ. 10.15ಕ್ಕೆ, ಕಾಂತಾರ ಚಾಪ್ಟರ್ 1(ಕ): ಸಂ. 4.00ಕ್ಕೆ, ಪ್ರೇಮಿಗಳ ಗಮನಕ್ಕೆ (ಕ): ಬೆ.10.25ಕ್ಕೆ, ಟೈಮ್ ಪಾಸ್ (ಕ): ಮ.1.15ಕ್ಕೆ
ಸ್ಕ್ರೀನ್ 4	ಕಾಂತಾರ ಚಾಪ್ಟರ್ 1(ಕ): ಬೆ.9ಕ್ಕೆ, ಮ.12.20ಕ್ಕೆ, ಮ.3.40ಕ್ಕೆ, ರಾ.7.05ಕ್ಕೆ, ರಾ.10.30ಕ್ಕೆ
MVC	ಮೈಸೂರು ವಿಷನ್ ಸಿನಿಮಾ
ದೂ : 0821-2973519
ಸ್ಕ್ರೀನ್ 1	ಯಾರಿಗೂ ಹೇಳ್ಬೇಡಿ (ಕ): ಬೆ.11.15ಕ್ಕೆ, ಬ್ರಾಟ್ (ಕ): ಮ.2.20ಕ್ಕೆ, ಬಳೆಪೇಟೆ ಹಳ್ಳಿ ಪಕ್ಕಿ (ಕ): ಸಂ.4.35ಕ್ಕೆ, ಥಮ್ಮಾ (ಹಿಂ): ರಾ.7.15ಕ್ಕೆ
ಸ್ಕ್ರೀನ್ 2	ಕಾಂತಾರ -1(ಕ): ಮ.3ಕ್ಕೆ, ಸಂ.4.20ಕ್ಕೆ, ರಾ.7.25ಕ್ಕೆ
ಸ್ಕ್ರೀನ್ 3	ಕಾಂತಾರ -1(ಕ): ಬೆ.10.45ಕ್ಕೆ, ಮ.2.30ಕ್ಕೆ, ಸಂ.6.15ಕ್ಕೆ, ರಾ.9.30ಕ್ಕೆ
ಸ್ಕ್ರೀನ್ 4	ಥಮ್ಮಾ (ಹಿಂ): ಮ.1ಕ್ಕೆ, ಮ.3.55ಕ್ಕೆ, ರಾ.9.30ಕ್ಕೆ, ಡ್ಯೂಡ್ (ತ): ಸಂ.6.50ಕ್ಕೆ
ನೆಕ್ಸಸ್ ಮಾಲ್
ಕಾಂತಾರ ಚಾಪ್ಟರ್ 1(ಕ) : ಬೆ: 8.05ಕ್ಕೆ, 9.05ಕ್ಕೆ, 10.25ಕ್ಕೆ, 11.15ಕ್ಕೆ, ಮ: 12.15ಕ್ಕೆ, 2.40ಕ್ಕೆ, 3.40ಕ್ಕೆ, ಸಂಜೆ 6.05ಕ್ಕೆ, 6.55ಕ್ಕೆ, ರಾತ್ರಿ: 7.05ಕ್ಕೆ, 9.30ಕ್ಕೆ, 9.45ಕ್ಕೆ, 10ಕ್ಕೆ, 10.30ಕ್ಕೆ
ಕಾಂತಾರ ಚಾಪ್ಟರ್ 1(ಹಿಂ): ಬೆ: 9.10ಕ್ಕೆ, ಮ.3.10ಕ್ಕೆ
ಡ್ಯೂಡ್ (ತ): ಬೆ: 10ಕ್ಕೆ, ಸಂ: 4ಕ್ಕೆ, ರಾ: 10.20ಕ್ಕೆ
ಟೈಮ್ ಪಾಸ್ (ಕ): ಬೆ: 11.15ಕ್ಕೆ
ತೆಲುಸು ಕದಾ (ತೆ): ಮ: 12.20ಕ್ಕೆ, ರಾತ್ರಿ 7.20ಕ್ಕೆ
ಪ್ರಿಡೇಟರ್ ಬ್ಯಾಡ್‌ಲ್ಯಾಂಡ್ಸ್ (ಇ): ಬೆ: ಮ: 12.40ಕ್ಕೆ, ಸಂಜೆ 6.35ಕ್ಕೆ
ಡೀಸೆಲ್ (ತ): ಮ: 1.40ಕ್ಕೆ
ಮಹಾವತಾರ ನರಸಿಂಹ (ಹಿಂ): ಮ: 1.50ಕ್ಕೆ
ಕೆ-ರ್‍ಯಾಂಪ್ (ತೆ): ಸಂ: 4.15ಕ್ಕೆ, ರಾ: 10.10ಕ್ಕೆ
ಮಿತ್ರ ಮಂಡಳಿ (ತೆ): ಸಂ: 4.40ಕ್ಕೆ
ಗುಡ್ ಫಾರ್ಚೂನ್ (ಇ): ಸಂ: 7.30ಕ್ಕೆ
ಗರುಡ ಮಾಲ್
ಕಾಂತಾರ ಚಾಪ್ಟರ್ 1(ಕ) : ಬೆ: 8.20ಕ್ಕೆ, 9.05ಕ್ಕೆ, 9.40ಕ್ಕೆ, 11.30ಕ್ಕೆ, ಮ: 12.15ಕ್ಕೆ, 2.55ಕ್ಕೆ, 3.40ಕ್ಕೆ, ಸಂ: 6.20ಕ್ಕೆ, 7.05ಕ್ಕೆ, ರಾ: 9.45ಕ್ಕೆ, 10.30ಕ್ಕೆ
ಪ್ರೇಮಿಗಳ ಗಮನಕ್ಕೆ (ಕ): ಬೆ: 11.05ಕ್ಕೆ
ಡ್ಯೂಡ್ (ತ): ಮ: 12.50ಕ್ಕೆ, ರಾ: 7.10ಕ್ಕೆ
ಟೈಮ್ ಪಾಸ್ (ಕ): ಮ: 1.50ಕ್ಕೆ
ಪ್ರಿಡೇಟರ್ ಬ್ಯಾಡ್‌ಲ್ಯಾಂಡ್ಸ್ (ಇ): ಮ: 3.40ಕ್ಕೆ, ರಾ.10.05ಕ್ಕೆ
ತೆಲುಸು ಕದಾ (ತೆ): ಮ: 4.30ಕ್ಕೆ
ಕೆ-ರ್‍ಯಾಂಪ್ (ತೆ): ರಾ: 7.20ಕ್ಕೆ
ಮಿತ್ರ ಮಂಡಳಿ (ತೆ): ರಾ: 10.15ಕ್ಕೆ
ಸೂಚನೆ : ಸಿನಿಮಾ ಮಾರ್ಗದರ್ಶಿಯಲ್ಲಿ ಮಾಹಿತಿಯನ್ನು ಚಿತ್ರಮಂದಿರಗಳಿಂದ ಪಡೆದು ಪ್ರಕಟಿಸಲಾಗುತ್ತಿದ್ದು, ಕೊನೆಯ ಕ್ಷಣದ ಬದಲಾವಣೆಗಳು ಇರುವ ಸಾಧ್ಯತೆಯಿರುತ್ತದೆ. ಸಾರ್ವಜನಿಕರು ಸಹಕರಿಸಬೇಕಾಗಿ ಕೋರಿಕೆ ಮನವಿ.
